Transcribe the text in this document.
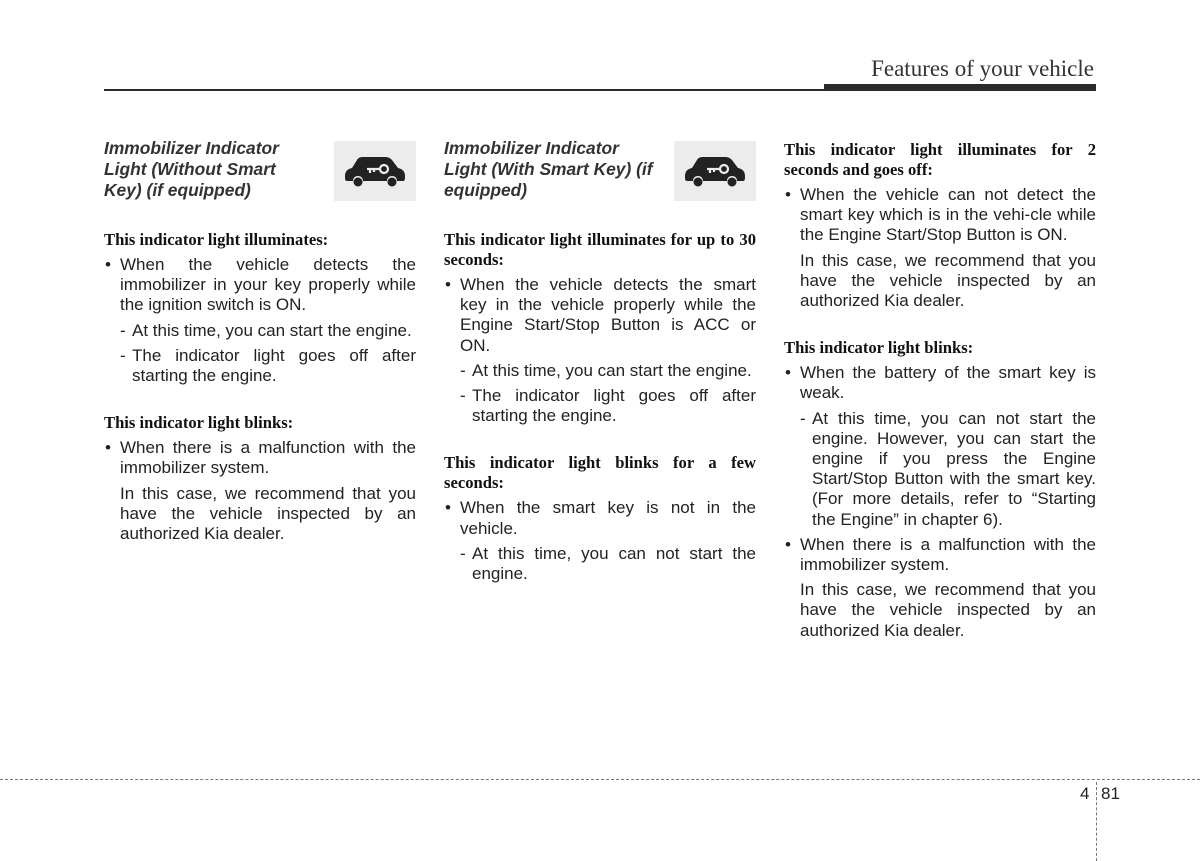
Features of your vehicle
Immobilizer Indicator Light (Without Smart Key) (if equipped)
This indicator light illuminates:
• When the vehicle detects the immobilizer in your key properly while the ignition switch is ON.
- At this time, you can start the engine.
- The indicator light goes off after starting the engine.
This indicator light blinks:
• When there is a malfunction with the immobilizer system.
In this case, we recommend that you have the vehicle inspected by an authorized Kia dealer.
Immobilizer Indicator Light (With Smart Key) (if equipped)
This indicator light illuminates for up to 30 seconds:
• When the vehicle detects the smart key in the vehicle properly while the Engine Start/Stop Button is ACC or ON.
- At this time, you can start the engine.
- The indicator light goes off after starting the engine.
This indicator light blinks for a few seconds:
• When the smart key is not in the vehicle.
- At this time, you can not start the engine.
This indicator light illuminates for 2 seconds and goes off:
• When the vehicle can not detect the smart key which is in the vehi-cle while the Engine Start/Stop Button is ON.
In this case, we recommend that you have the vehicle inspected by an authorized Kia dealer.
This indicator light blinks:
• When the battery of the smart key is weak.
- At this time, you can not start the engine. However, you can start the engine if you press the Engine Start/Stop Button with the smart key. (For more details, refer to “Starting the Engine” in chapter 6).
• When there is a malfunction with the immobilizer system.
In this case, we recommend that you have the vehicle inspected by an authorized Kia dealer.
4 81
